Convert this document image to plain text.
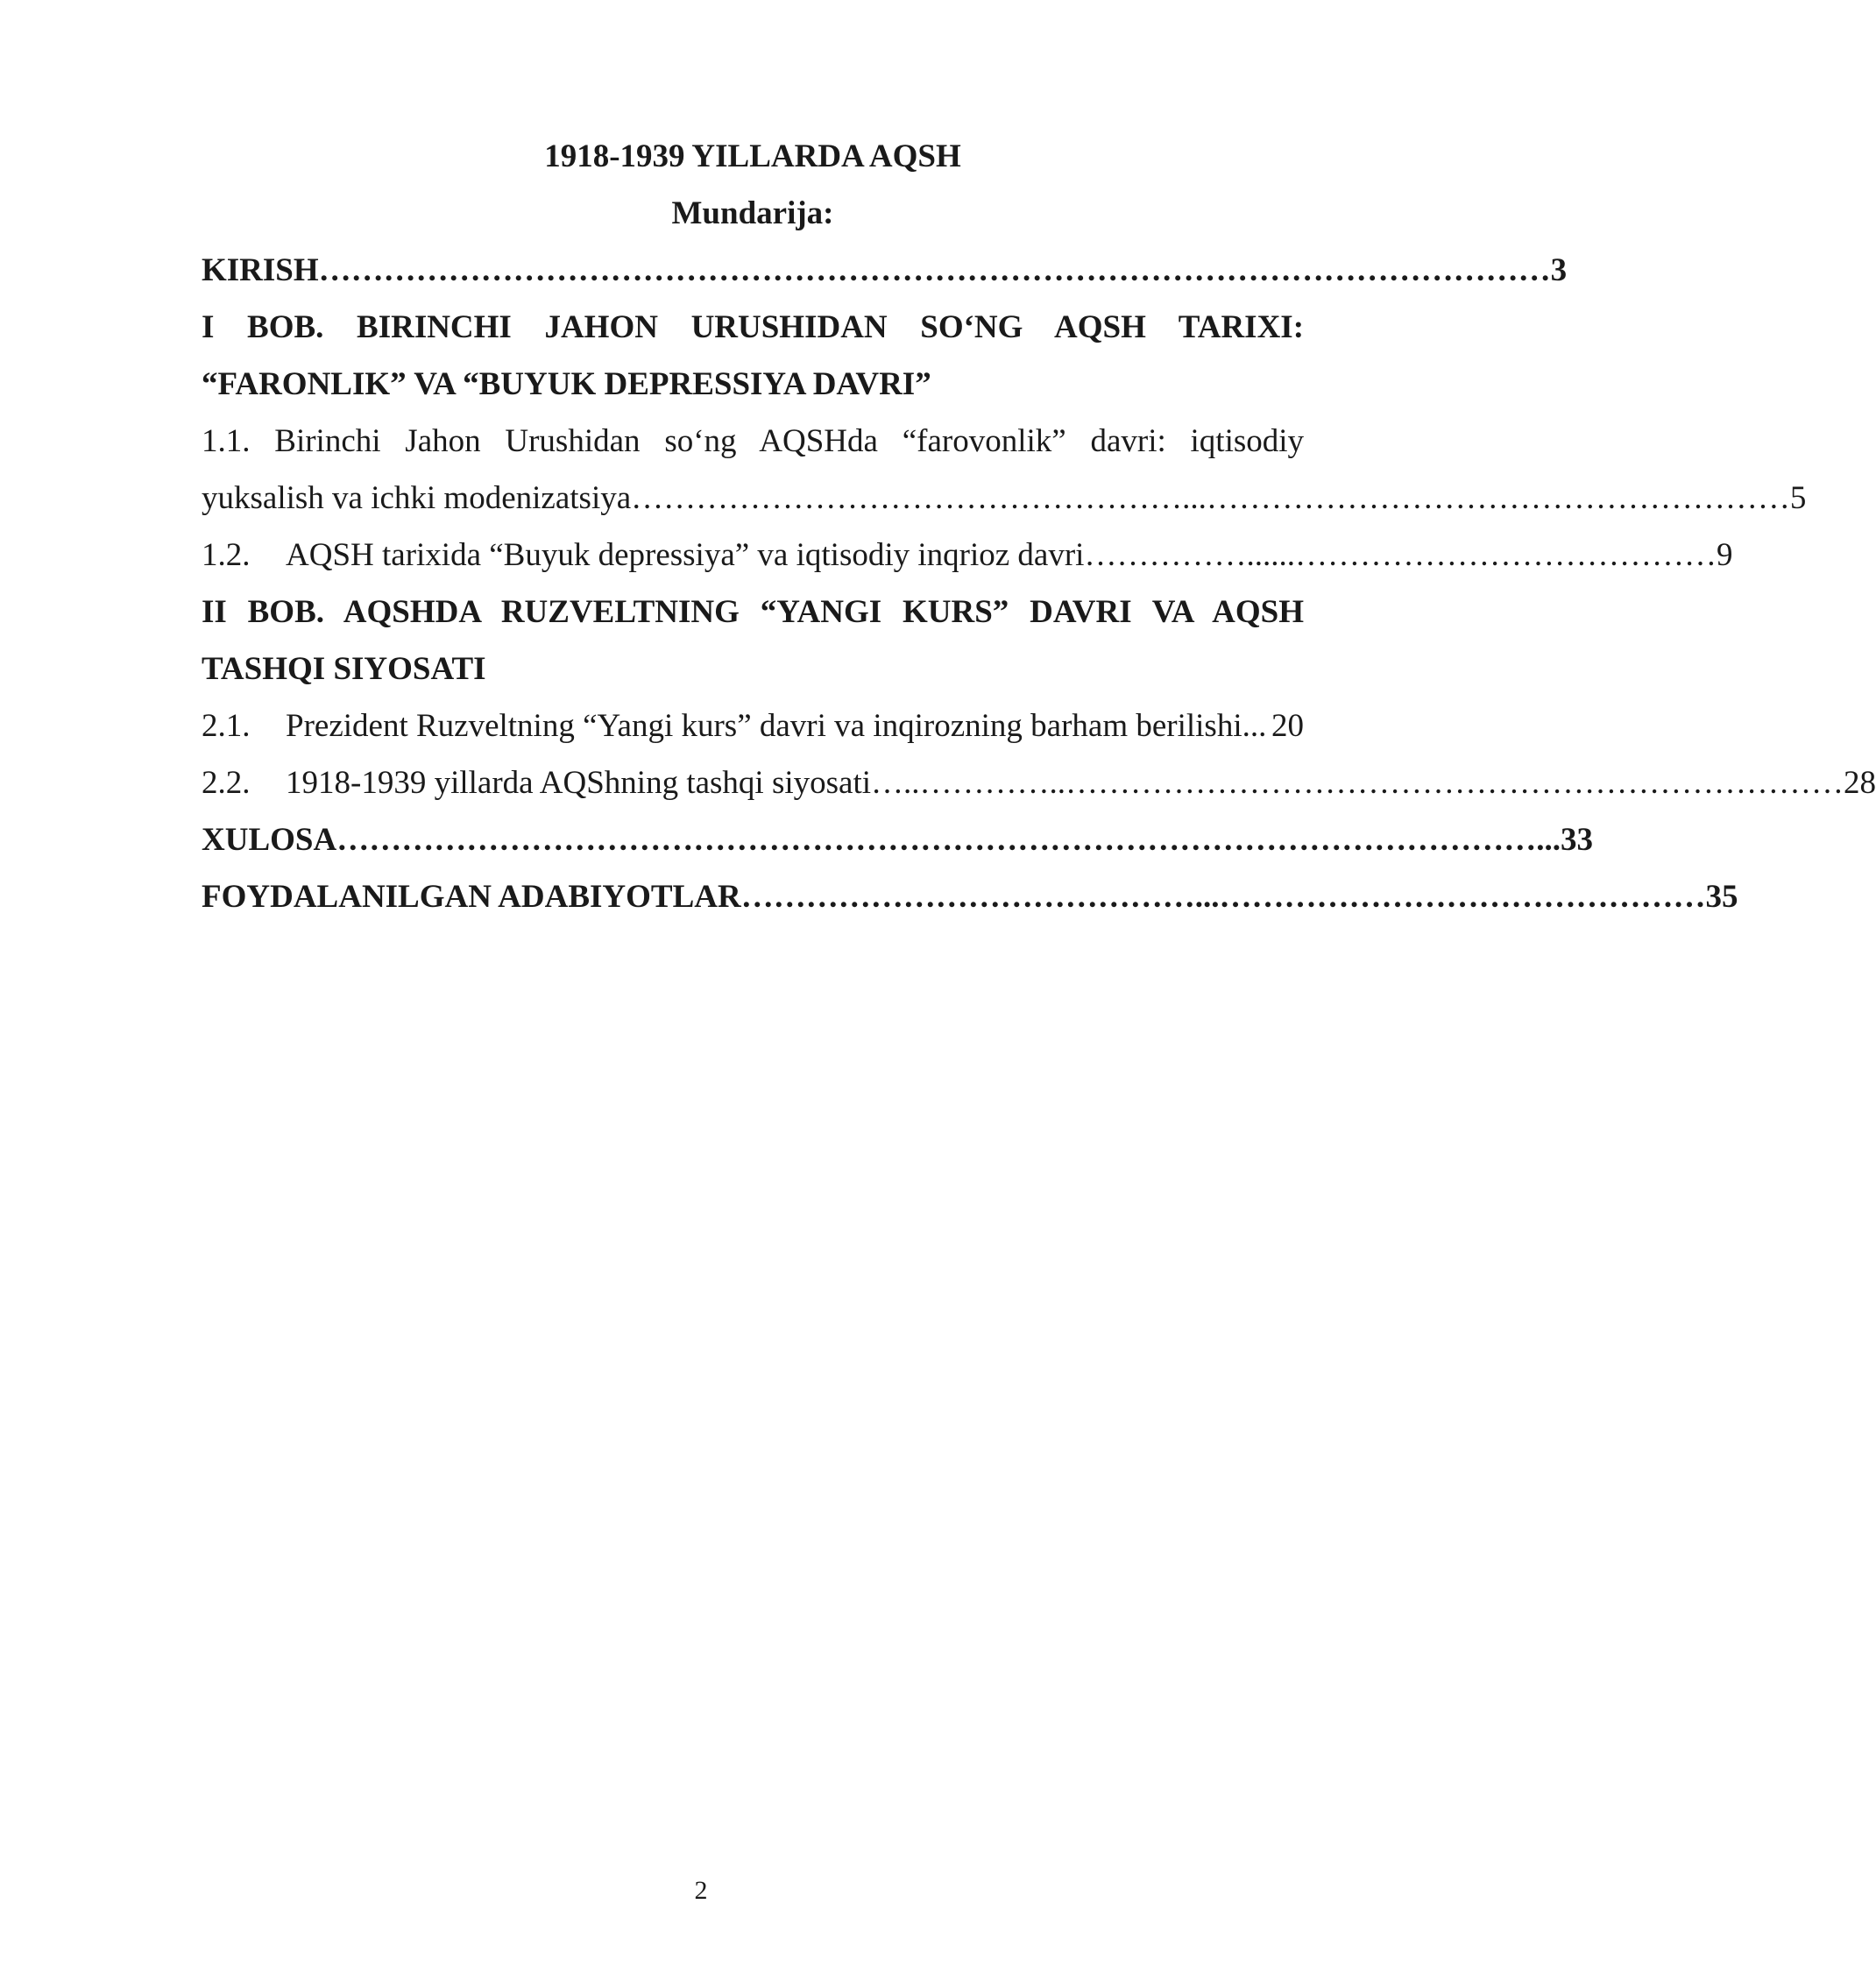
1918-1939 YILLARDA AQSH
Mundarija:
KIRISH …………………………………………………………………………………………………… 3
I BOB. BIRINCHI JAHON URUSHIDAN SO‘NG AQSH TARIXI:
“FARONLIK” VA “BUYUK DEPRESSIYA DAVRI”
1.1. Birinchi Jahon Urushidan so‘ng AQSHda “farovonlik” davri: iqtisodiy
yuksalish va ichki modenizatsiya ……………………………………………...……………………………………………… 5
1.2. AQSH tarixida “Buyuk depressiya” va iqtisodiy inqrioz davri ……………......………………………………… 9
II BOB. AQSHDA RUZVELTNING “YANGI KURS” DAVRI VA AQSH
TASHQI SIYOSATI
2.1. Prezident Ruzveltning “Yangi kurs” davri va inqirozning barham berilishi... 20
2.2. 1918-1939 yillarda AQShning tashqi siyosati …..…………..……………………………………………………………… 28
XULOSA …………………………………………………………………………………………………... 33
FOYDALANILGAN ADABIYOTLAR ……………………………………...……………………………………… 35
2
